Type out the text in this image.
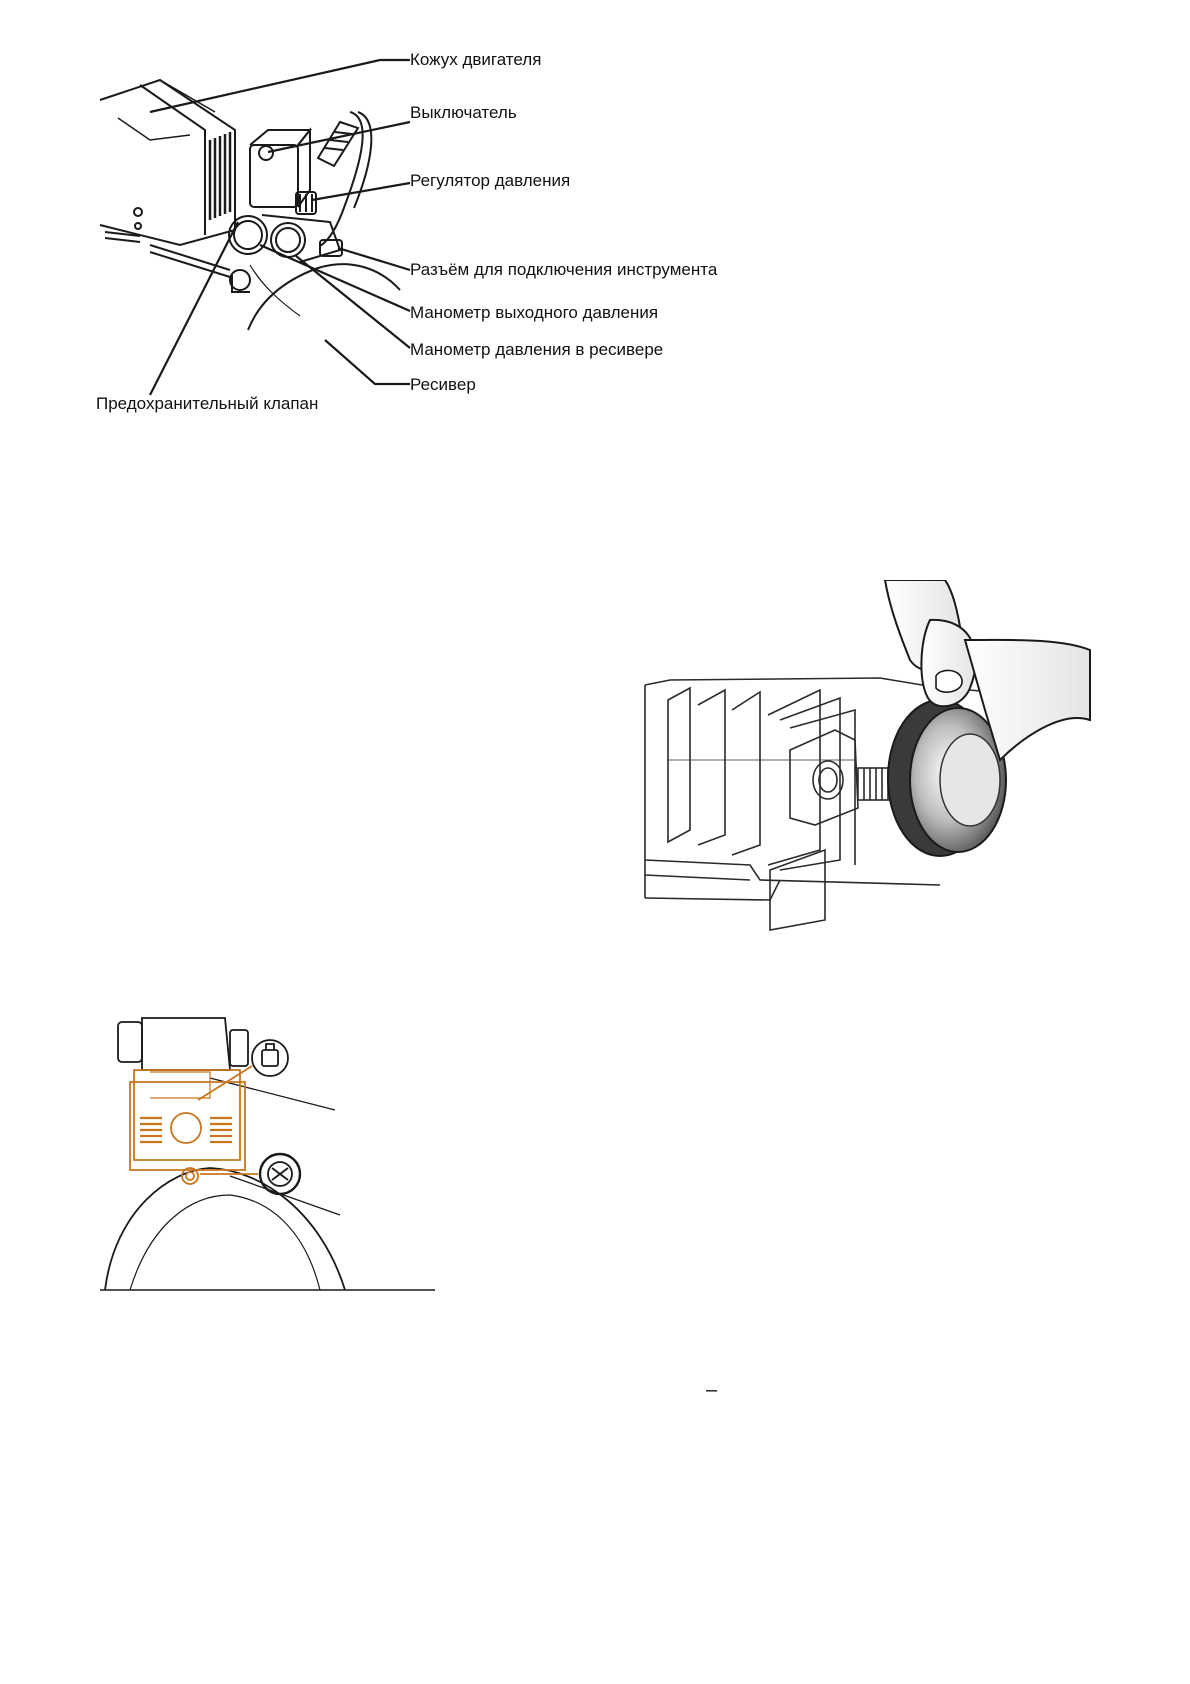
Кожух двигателя
Выключатель
Регулятор давления
Разъём для подключения инструмента
Манометр выходного давления
Манометр давления в ресивере
Ресивер
Предохранительный клапан
–
